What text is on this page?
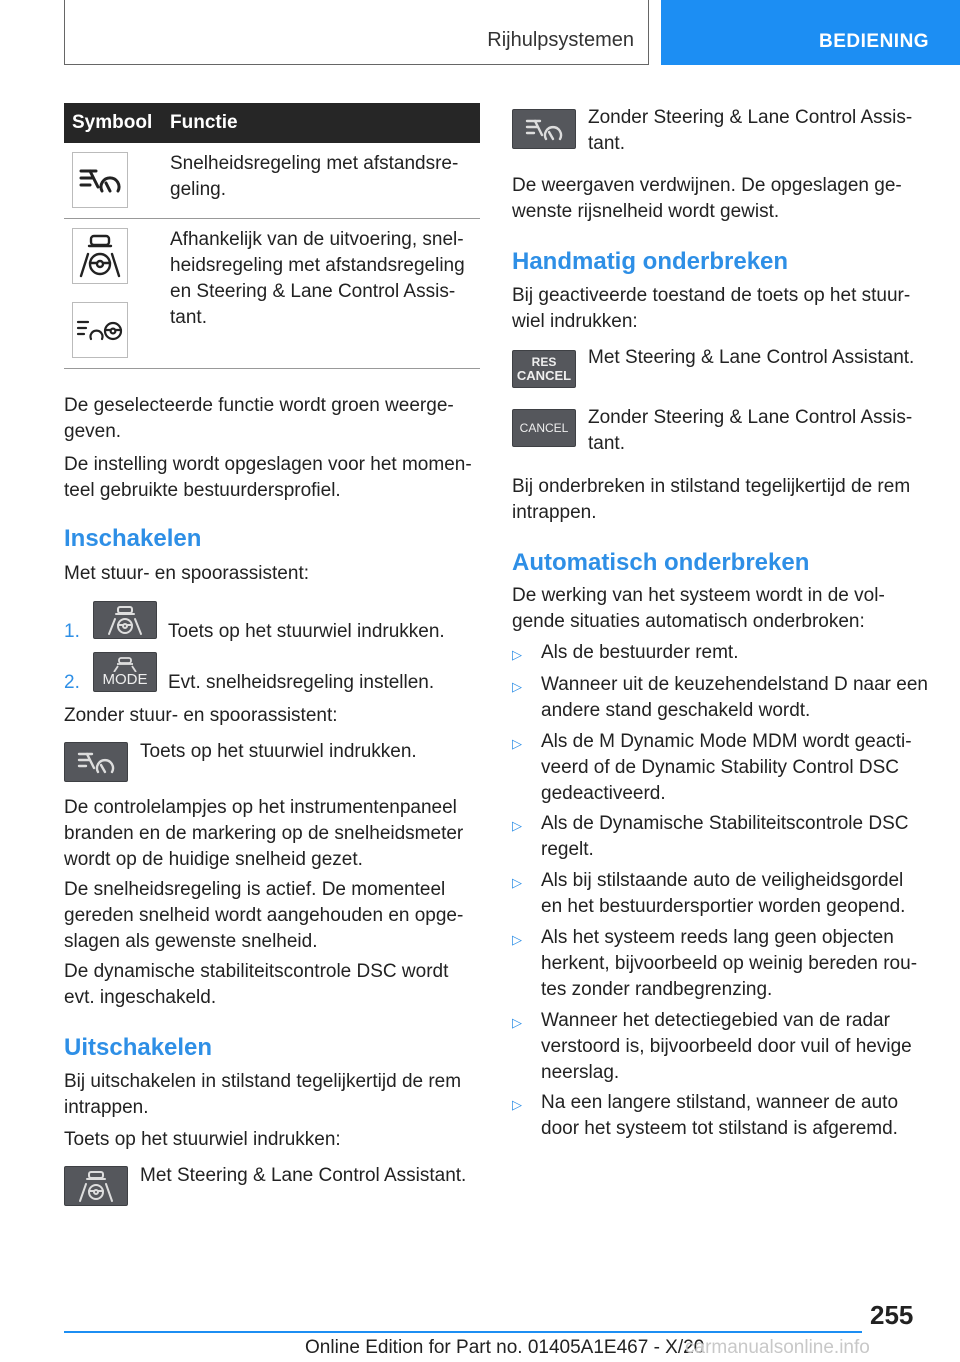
Rijhulpsystemen	BEDIENING
Symbool Functie
Snelheidsregeling met afstandsre-
geling.
Afhankelijk van de uitvoering, snel-
heidsregeling met afstandsregeling
en Steering & Lane Control Assis-
tant.
De geselecteerde functie wordt groen weerge-
geven.
De instelling wordt opgeslagen voor het momen-
teel gebruikte bestuurdersprofiel.
Inschakelen
Met stuur- en spoorassistent:
1.	Toets op het stuurwiel indrukken.
2. MODE Evt. snelheidsregeling instellen.
Zonder stuur- en spoorassistent:
Toets op het stuurwiel indrukken.
De controlelampjes op het instrumentenpaneel
branden en de markering op de snelheidsmeter
wordt op de huidige snelheid gezet.
De snelheidsregeling is actief. De momenteel
gereden snelheid wordt aangehouden en opge-
slagen als gewenste snelheid.
De dynamische stabiliteitscontrole DSC wordt
evt. ingeschakeld.
Uitschakelen
Bij uitschakelen in stilstand tegelijkertijd de rem
intrappen.
Toets op het stuurwiel indrukken:
Met Steering & Lane Control Assistant.
Zonder Steering & Lane Control Assis-
tant.
De weergaven verdwijnen. De opgeslagen ge-
wenste rijsnelheid wordt gewist.
Handmatig onderbreken
Bij geactiveerde toestand de toets op het stuur-
wiel indrukken:
RES
CANCEL
Met Steering & Lane Control Assistant.
CANCEL Zonder Steering & Lane Control Assis-
tant.
Bij onderbreken in stilstand tegelijkertijd de rem
intrappen.
Automatisch onderbreken
De werking van het systeem wordt in de vol-
gende situaties automatisch onderbroken:
▷ Als de bestuurder remt.
▷ Wanneer uit de keuzehendelstand D naar een
andere stand geschakeld wordt.
▷ Als de M Dynamic Mode MDM wordt geacti-
veerd of de Dynamic Stability Control DSC
gedeactiveerd.
▷ Als de Dynamische Stabiliteitscontrole DSC
regelt.
▷ Als bij stilstaande auto de veiligheidsgordel
en het bestuurdersportier worden geopend.
▷ Als het systeem reeds lang geen objecten
herkent, bijvoorbeeld op weinig bereden rou-
tes zonder randbegrenzing.
▷ Wanneer het detectiegebied van de radar
verstoord is, bijvoorbeeld door vuil of hevige
neerslag.
▷ Na een langere stilstand, wanneer de auto
door het systeem tot stilstand is afgeremd.
255
Online Edition for Part no. 01405A1E467 - X/20
carmanualsonline.info
